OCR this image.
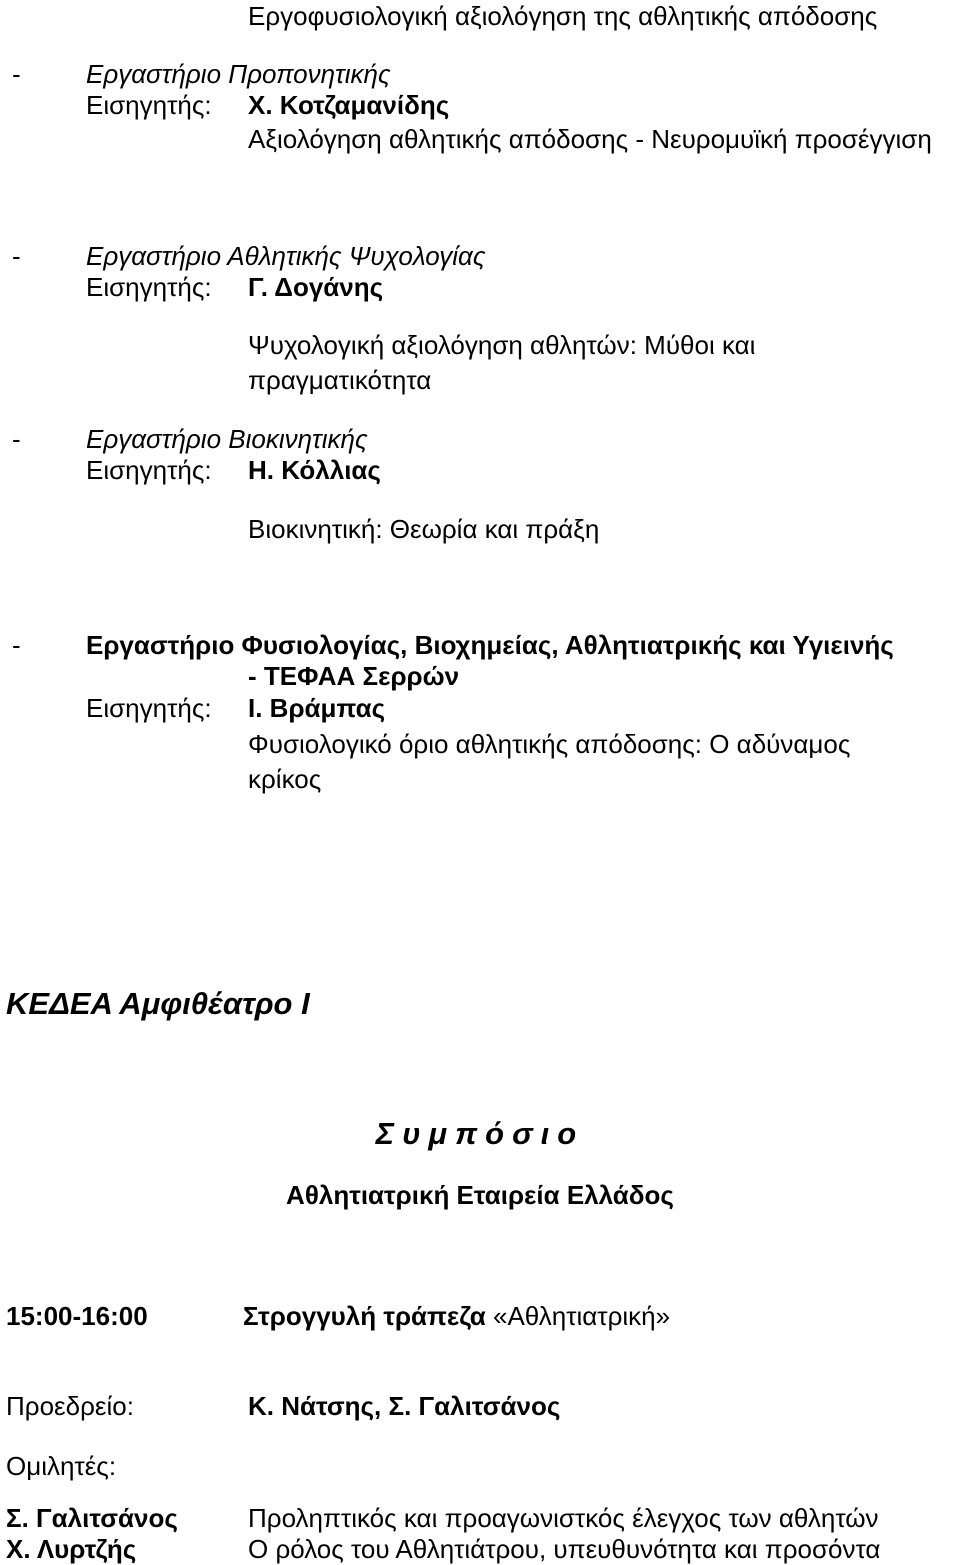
Εργοφυσιολογική αξιολόγηση της αθλητικής απόδοσης
-	Εργαστήριο Προπονητικής
Εισηγητής: Χ. Κοτζαμανίδης
Αξιολόγηση αθλητικής απόδοσης - Νευρομυϊκή προσέγγιση
-	Εργαστήριο Αθλητικής Ψυχολογίας
Εισηγητής: Γ. Δογάνης
Ψυχολογική αξιολόγηση αθλητών: Μύθοι και
πραγματικότητα
-	Εργαστήριο Βιοκινητικής
Εισηγητής: Η. Κόλλιας
Βιοκινητική: Θεωρία και πράξη
-	Εργαστήριο Φυσιολογίας, Βιοχημείας, Αθλητιατρικής και Υγιεινής
- ΤΕΦΑΑ Σερρών
Εισηγητής: Ι. Βράμπας
Φυσιολογικό όριο αθλητικής απόδοσης: Ο αδύναμος
κρίκος
ΚΕΔΕΑ Αμφιθέατρο Ι
Συμπόσιο
Αθλητιατρική Εταιρεία Ελλάδος
15:00-16:00	Στρογγυλή τράπεζα «Αθλητιατρική»
Προεδρείο:	Κ. Νάτσης, Σ. Γαλιτσάνος
Ομιλητές:
Σ. Γαλιτσάνος	Προληπτικός και προαγωνιστκός έλεγχος των αθλητών
Χ. Λυρτζής	Ο ρόλος του Αθλητιάτρου, υπευθυνότητα και προσόντα
